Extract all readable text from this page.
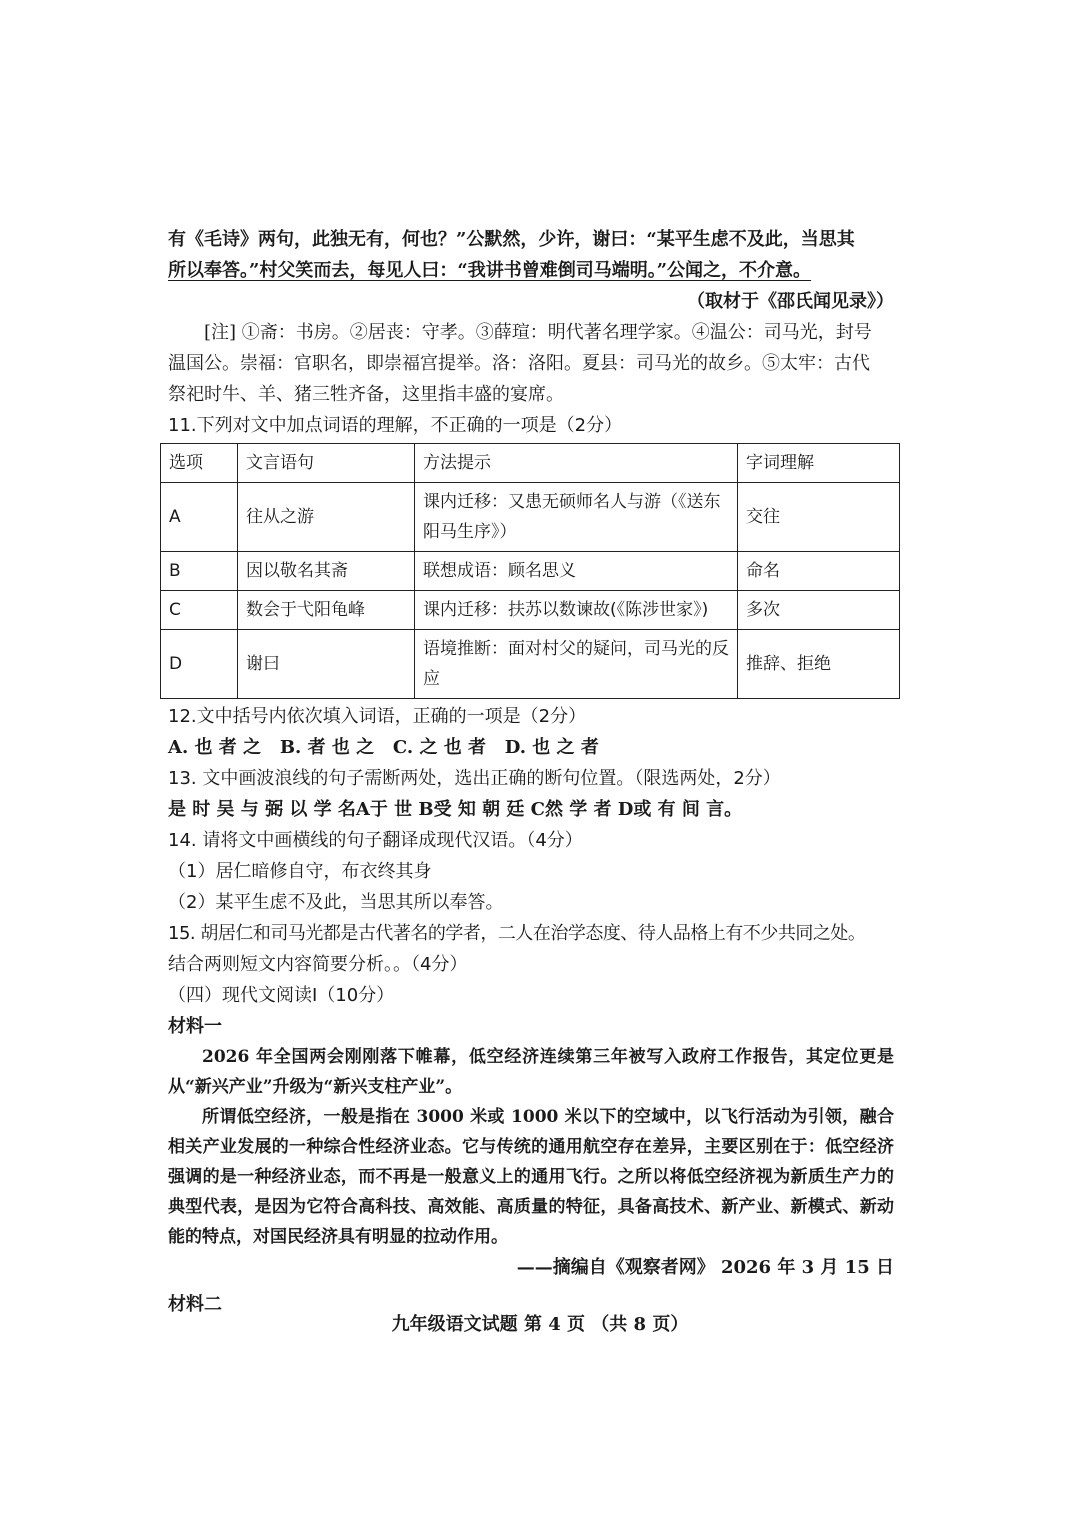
有《毛诗》两句，此独无有，何也？”公默然，少许，谢曰：“某平生虑不及此，当思其
所以奉答。”村父笑而去，每见人曰：“我讲书曾难倒司马端明。”公闻之，不介意。
（取材于《邵氏闻见录》）
[注] ①斋：书房。②居丧：守孝。③薛瑄：明代著名理学家。④温公：司马光，封号
温国公。崇福：官职名，即崇福宫提举。洛：洛阳。夏县：司马光的故乡。⑤太牢：古代
祭祀时牛、羊、猪三牲齐备，这里指丰盛的宴席。
11.下列对文中加点词语的理解，不正确的一项是（2分）
选项	文言语句	方法提示	字词理解
A	往从之游	课内迁移：又患无硕师名人与游（《送东阳马生序》）	交往
B	因以敬名其斋	联想成语：顾名思义	命名
C	数会于弋阳龟峰	课内迁移：扶苏以数谏故(《陈涉世家》)	多次
D	谢曰	语境推断：面对村父的疑问，司马光的反应	推辞、拒绝
12.文中括号内依次填入词语，正确的一项是（2分）
A. 也 者 之   B. 者 也 之   C. 之 也 者   D. 也 之 者
13. 文中画波浪线的句子需断两处，选出正确的断句位置。（限选两处，2分）
是 时 吴 与 弼 以 学 名A于 世 B受 知 朝 廷 C然 学 者 D或 有 间 言。
14. 请将文中画横线的句子翻译成现代汉语。（4分）
（1）居仁暗修自守，布衣终其身
（2）某平生虑不及此，当思其所以奉答。
15. 胡居仁和司马光都是古代著名的学者，二人在治学态度、待人品格上有不少共同之处。
结合两则短文内容简要分析。。（4分）
（四）现代文阅读Ⅰ（10分）
材料一
2026 年全国两会刚刚落下帷幕，低空经济连续第三年被写入政府工作报告，其定位更是从“新兴产业”升级为“新兴支柱产业”。
所谓低空经济，一般是指在 3000 米或 1000 米以下的空域中，以飞行活动为引领，融合相关产业发展的一种综合性经济业态。它与传统的通用航空存在差异，主要区别在于：低空经济强调的是一种经济业态，而不再是一般意义上的通用飞行。之所以将低空经济视为新质生产力的典型代表，是因为它符合高科技、高效能、高质量的特征，具备高技术、新产业、新模式、新动能的特点，对国民经济具有明显的拉动作用。
——摘编自《观察者网》 2026 年 3 月 15 日
材料二
九年级语文试题 第 4 页 （共 8 页）
